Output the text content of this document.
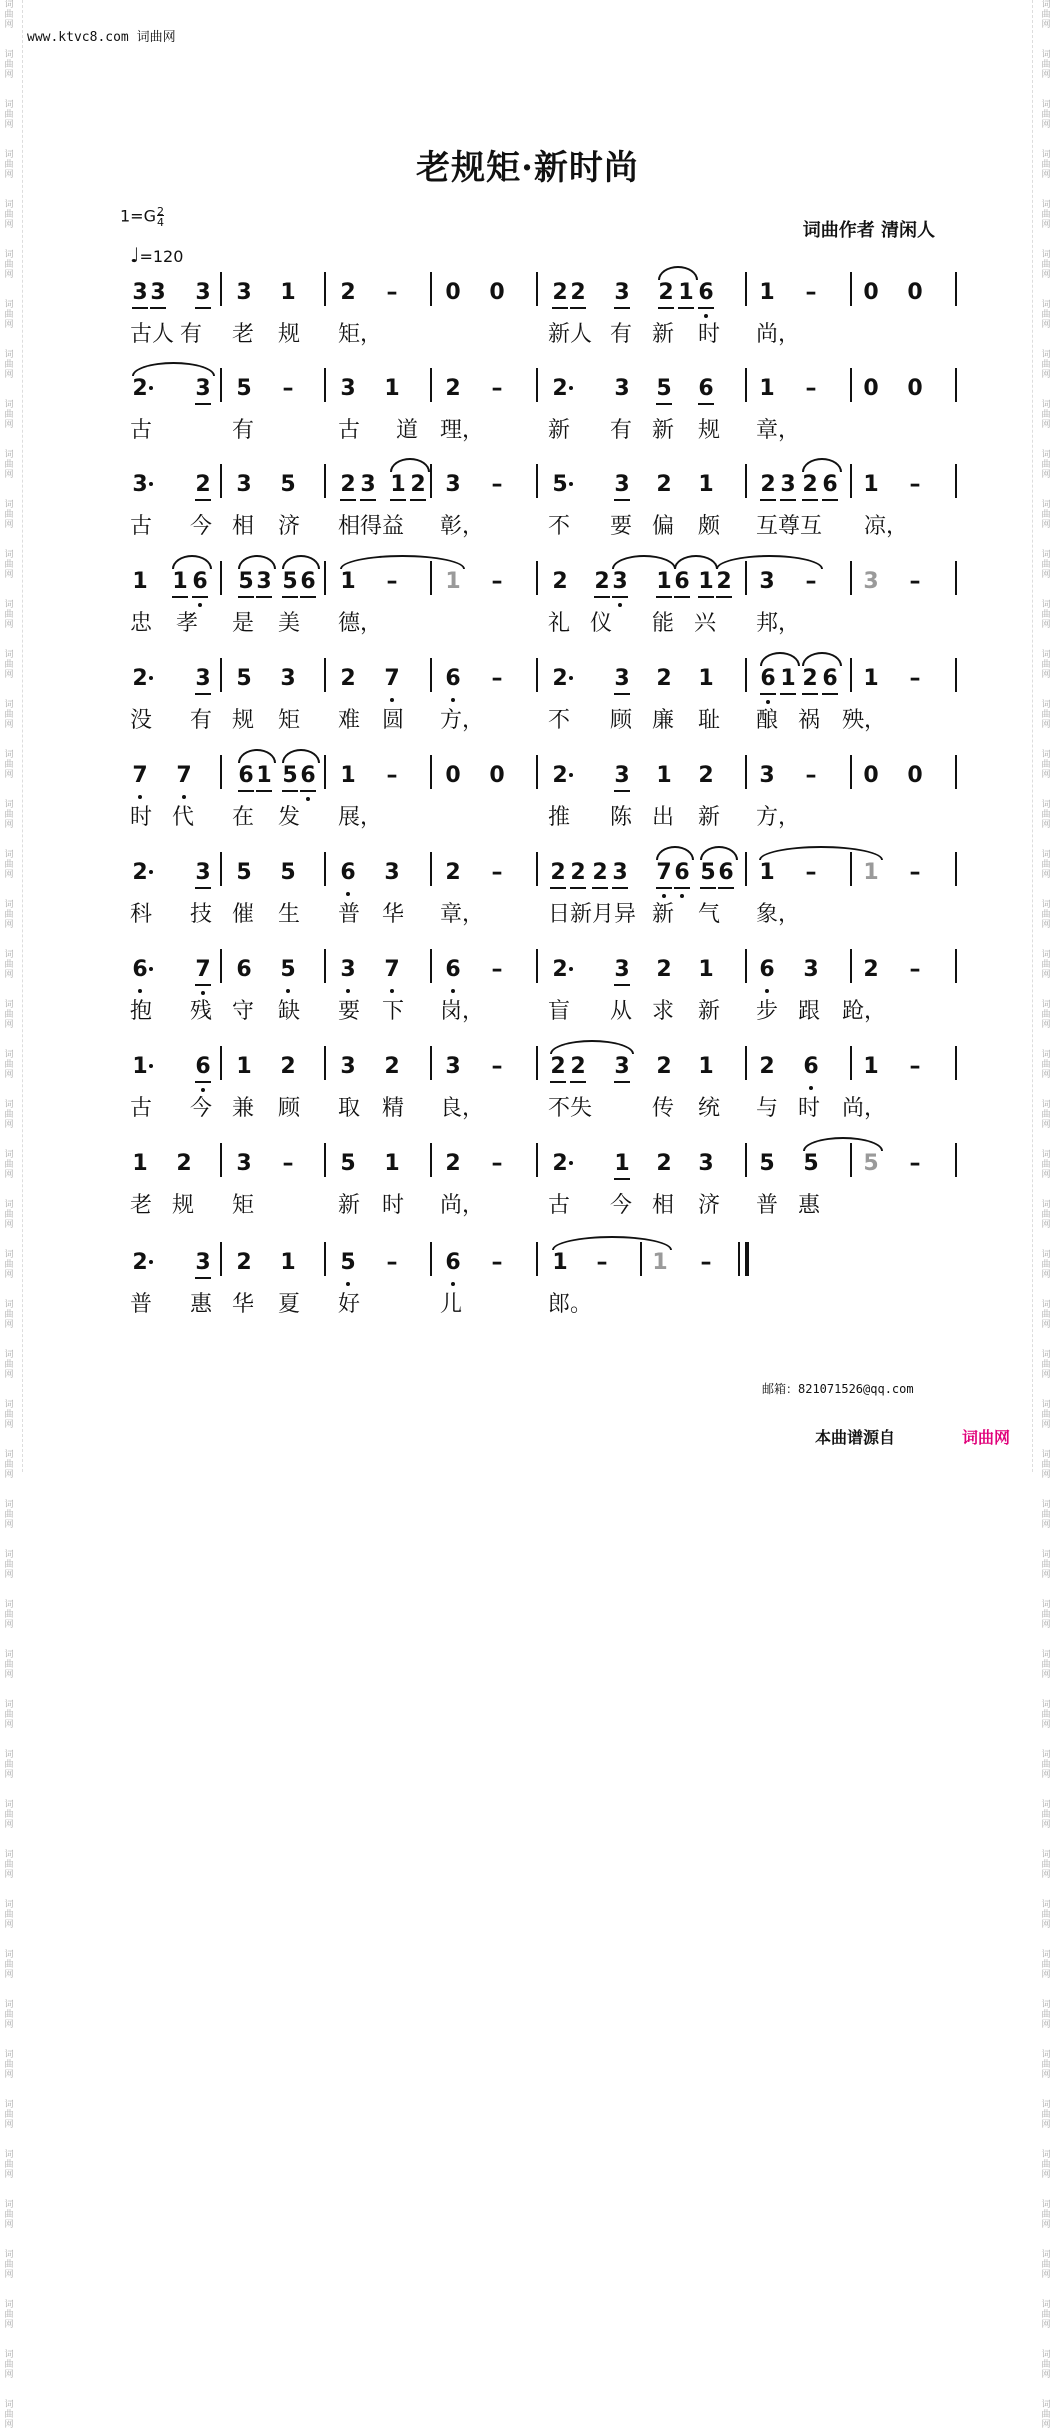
词
曲
网

词
曲
网

词
曲
网

词
曲
网

词
曲
网

词
曲
网

词
曲
网

词
曲
网

词
曲
网

词
曲
网

词
曲
网

词
曲
网

词
曲
网

词
曲
网

词
曲
网

词
曲
网

词
曲
网

词
曲
网

词
曲
网

词
曲
网

词
曲
网

词
曲
网

词
曲
网

词
曲
网

词
曲
网

词
曲
网

词
曲
网

词
曲
网

词
曲
网

词
曲
网

词
曲
网

词
曲
网

词
曲
网

词
曲
网

词
曲
网

词
曲
网

词
曲
网

词
曲
网

词
曲
网

词
曲
网

词
曲
网

词
曲
网

词
曲
网

词
曲
网

词
曲
网

词
曲
网

词
曲
网

词
曲
网

词
曲
网

词
曲
网

词
曲
网

词
曲
网

词
曲
网

词
曲
网

词
曲
网

词
曲
网

词
曲
网

词
曲
网

词
曲
网

词
曲
网

词
曲
网

词
曲
网

词
曲
网

词
曲
网

词
曲
网

词
曲
网

词
曲
网

词
曲
网

词
曲
网

词
曲
网

词
曲
网

词
曲
网

词
曲
网

词
曲
网

词
曲
网

词
曲
网

词
曲
网

词
曲
网

词
曲
网

词
曲
网

词
曲
网

词
曲
网

词
曲
网

词
曲
网

词
曲
网

词
曲
网

词
曲
网

词
曲
网

词
曲
网

词
曲
网

词
曲
网

词
曲
网

词
曲
网

词
曲
网

词
曲
网

词
曲
网

词
曲
网

词
曲
网

www.ktvc8.com 词曲网
老规矩·新时尚
$1=G\frac{2}{4}$
♩=120
词曲作者 清闲人
3 3 3 3 1 2 – 0 0 2 2 3 2 1 6 1 – 0 0
古人 有 老 规 矩，	新人 有 新 时 尚，
2 3 5 – 3 1 2 – 2 3 5 6 1 – 0 0
古	有	古 道 理，	新 有 新 规 章，
3 2 3 5 2 3 1 2 3 – 5 3 2 1 2 3 2 6 1 –
古 今 相 济 相得益 彰，	不 要 偏 颇 互尊互 凉，
1 1 6 5 3 5 6 1 – 1 – 2 2 3 1 6 1 2 3 – 3 –
忠 孝 是 美 德，	礼 仪 能 兴 邦，
2 3 5 3 2 7 6 – 2 3 2 1 6 1 2 6 1 –
没 有 规 矩 难 圆 方，	不 顾 廉 耻 酿 祸 殃，
7 7 6 1 5 6 1 – 0 0 2 3 1 2 3 – 0 0
时 代 在 发 展，	推 陈 出 新 方，
2 3 5 5 6 3 2 – 2 2 2 3 7 6 5 6 1 – 1 –
科 技 催 生 普 华 章，	日新月异 新 气 象，
6 7 6 5 3 7 6 – 2 3 2 1 6 3 2 –
抱 残 守 缺 要 下 岗，	盲 从 求 新 步 跟 跄，
1 6 1 2 3 2 3 – 2 2 3 2 1 2 6 1 –
古 今 兼 顾 取 精 良，	不失	传 统 与 时 尚，
1 2 3 – 5 1 2 – 2 1 2 3 5 5 5 –
老 规 矩	新 时 尚，	古 今 相 济 普 惠
2 3 2 1 5 – 6 – 1 – 1 –
普 惠 华 夏 好	儿	郎。
邮箱：821071526@qq.com
本曲谱源自	词曲网
